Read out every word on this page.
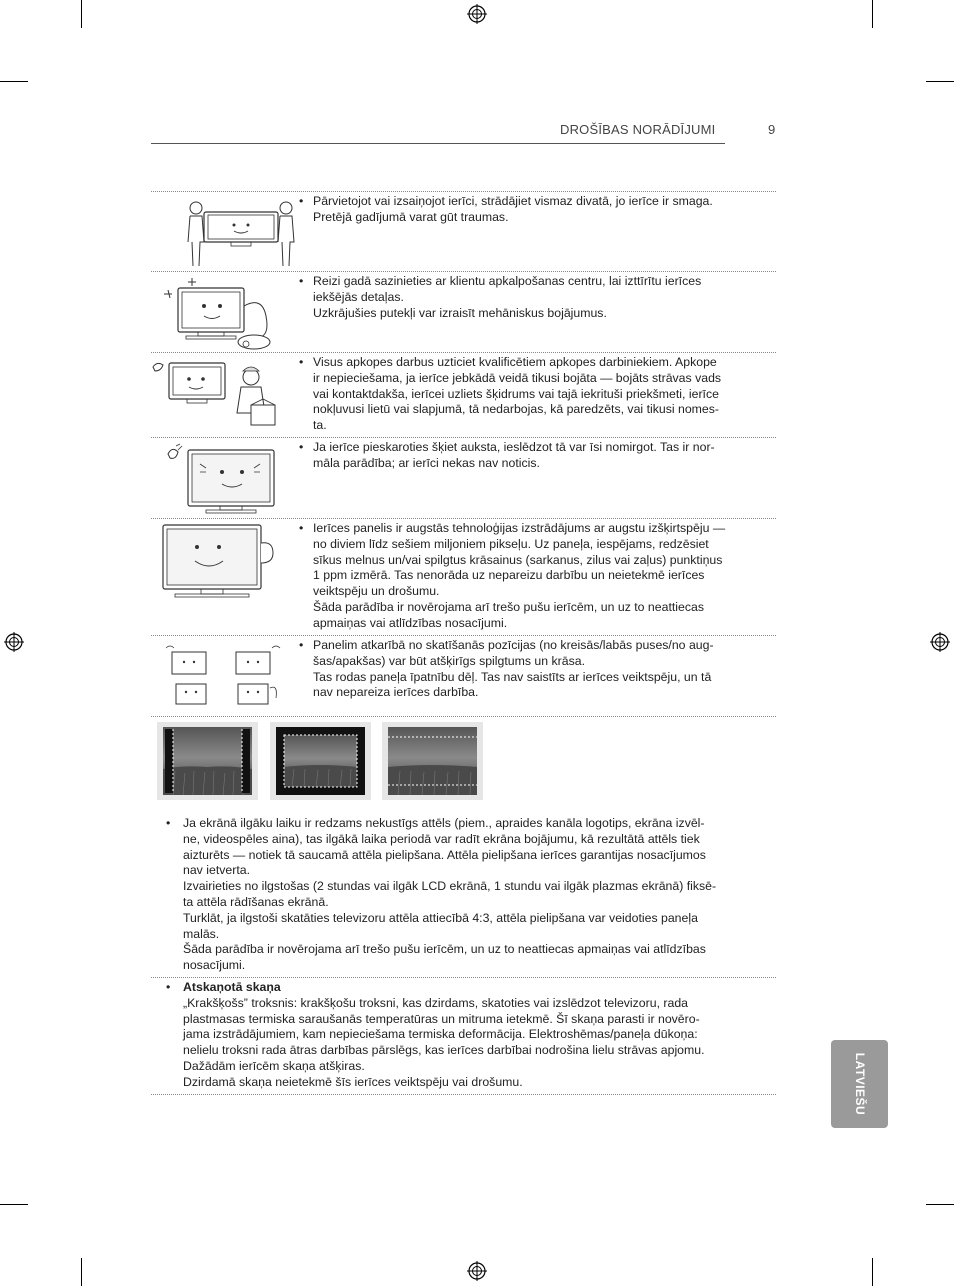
DROŠĪBAS NORĀDĪJUMI	9
• Pārvietojot vai izsaiņojot ierīci, strādājiet vismaz divatā, jo ierīce ir smaga.
Pretējā gadījumā varat gūt traumas.
• Reizi gadā sazinieties ar klientu apkalpošanas centru, lai izttīrītu ierīces
iekšējās detaļas.
Uzkrājušies putekļi var izraisīt mehāniskus bojājumus.
• Visus apkopes darbus uzticiet kvalificētiem apkopes darbiniekiem. Apkope
ir nepieciešama, ja ierīce jebkādā veidā tikusi bojāta — bojāts strāvas vads
vai kontaktdakša, ierīcei uzliets šķidrums vai tajā iekrituši priekšmeti, ierīce
nokļuvusi lietū vai slapjumā, tā nedarbojas, kā paredzēts, vai tikusi nomes-
ta.
• Ja ierīce pieskaroties šķiet auksta, ieslēdzot tā var īsi nomirgot. Tas ir nor-
māla parādība; ar ierīci nekas nav noticis.
• Ierīces panelis ir augstās tehnoloģijas izstrādājums ar augstu izšķirtspēju —
no diviem līdz sešiem miljoniem pikseļu. Uz paneļa, iespējams, redzēsiet
sīkus melnus un/vai spilgtus krāsainus (sarkanus, zilus vai zaļus) punktiņus
1 ppm izmērā. Tas nenorāda uz nepareizu darbību un neietekmē ierīces
veiktspēju un drošumu.
Šāda parādība ir novērojama arī trešo pušu ierīcēm, un uz to neattiecas
apmaiņas vai atlīdzības nosacījumi.
• Panelim atkarībā no skatīšanās pozīcijas (no kreisās/labās puses/no aug-
šas/apakšas) var būt atšķirīgs spilgtums un krāsa.
Tas rodas paneļa īpatnību dēļ. Tas nav saistīts ar ierīces veiktspēju, un tā
nav nepareiza ierīces darbība.
• Ja ekrānā ilgāku laiku ir redzams nekustīgs attēls (piem., apraides kanāla logotips, ekrāna izvēl-
ne, videospēles aina), tas ilgākā laika periodā var radīt ekrāna bojājumu, kā rezultātā attēls tiek
aizturēts — notiek tā saucamā attēla pielipšana. Attēla pielipšana ierīces garantijas nosacījumos
nav ietverta.
Izvairieties no ilgstošas (2 stundas vai ilgāk LCD ekrānā, 1 stundu vai ilgāk plazmas ekrānā) fiksē-
ta attēla rādīšanas ekrānā.
Turklāt, ja ilgstoši skatāties televizoru attēla attiecībā 4:3, attēla pielipšana var veidoties paneļa
malās.
Šāda parādība ir novērojama arī trešo pušu ierīcēm, un uz to neattiecas apmaiņas vai atlīdzības
nosacījumi.
• Atskaņotā skaņa
„Krakšķošs” troksnis: krakšķošu troksni, kas dzirdams, skatoties vai izslēdzot televizoru, rada
plastmasas termiska saraušanās temperatūras un mitruma ietekmē. Šī skaņa parasti ir novēro-
jama izstrādājumiem, kam nepieciešama termiska deformācija. Elektroshēmas/paneļa dūkoņa:
nelielu troksni rada ātras darbības pārslēgs, kas ierīces darbībai nodrošina lielu strāvas apjomu.
Dažādām ierīcēm skaņa atšķiras.
Dzirdamā skaņa neietekmē šīs ierīces veiktspēju vai drošumu.	LATVIEŠU
